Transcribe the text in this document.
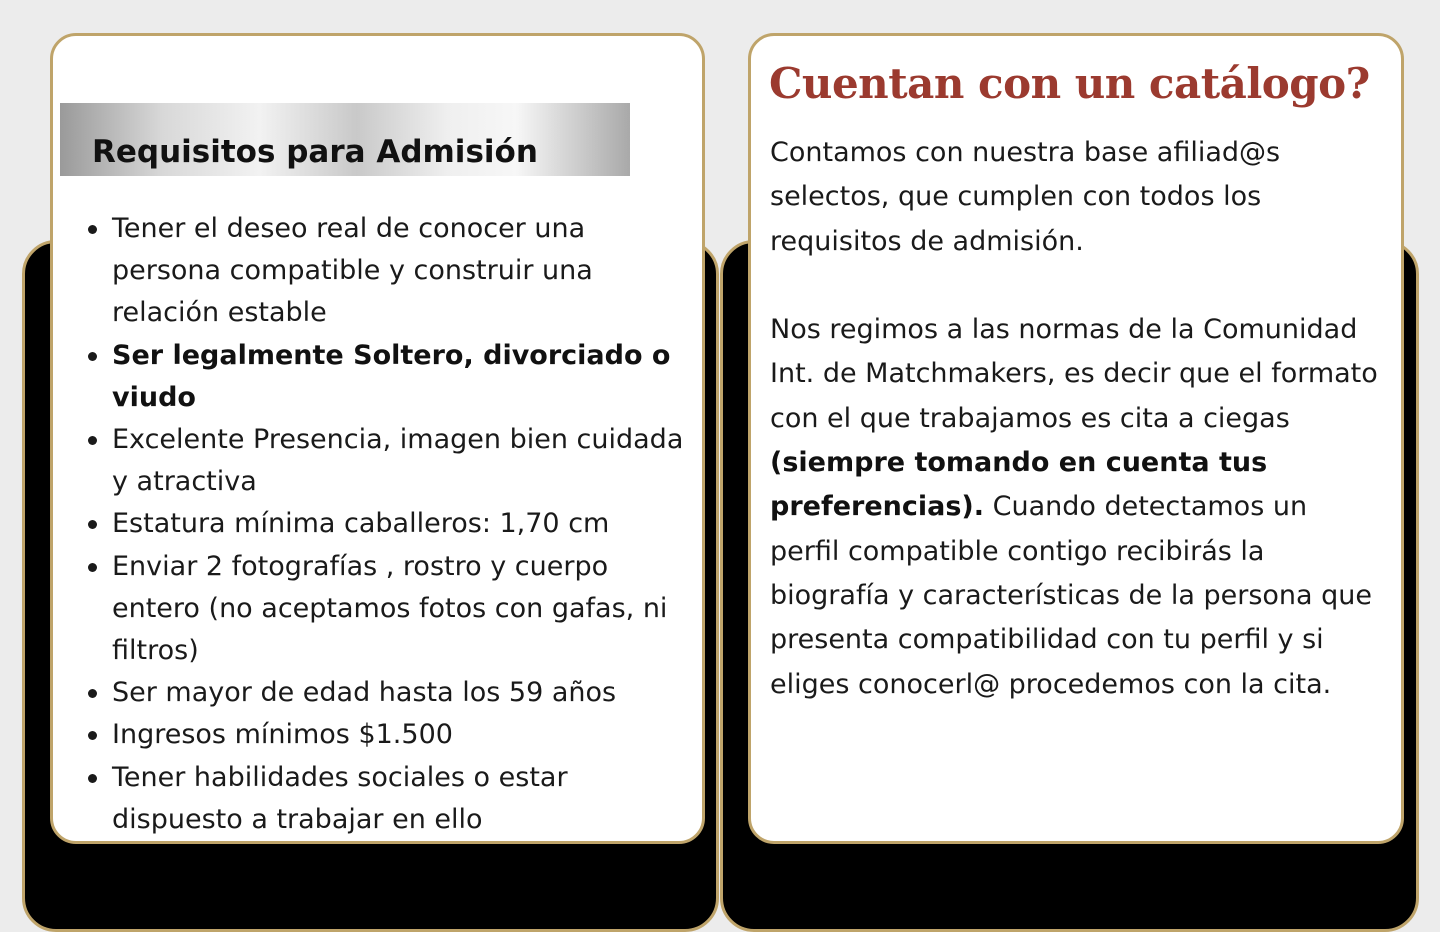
Requisitos para Admisión
Tener el deseo real de conocer una persona compatible y construir una relación estable
Ser legalmente Soltero, divorciado o viudo
Excelente Presencia, imagen bien cuidada y atractiva
Estatura mínima caballeros: 1,70 cm
Enviar 2 fotografías , rostro y cuerpo entero (no aceptamos fotos con gafas, ni filtros)
Ser mayor de edad hasta los 59 años
Ingresos mínimos $1.500
Tener habilidades sociales o estar dispuesto a trabajar en ello
Cuentan con un catálogo?

Contamos con nuestra base afiliad@s selectos, que cumplen con todos los requisitos de admisión.

Nos regimos a las normas de la Comunidad Int. de Matchmakers, es decir que el formato con el que trabajamos es cita a ciegas (siempre tomando en cuenta tus preferencias). Cuando detectamos un perfil compatible contigo recibirás la biografía y características de la persona que presenta compatibilidad con tu perfil y si eliges conocerl@ procedemos con la cita.
